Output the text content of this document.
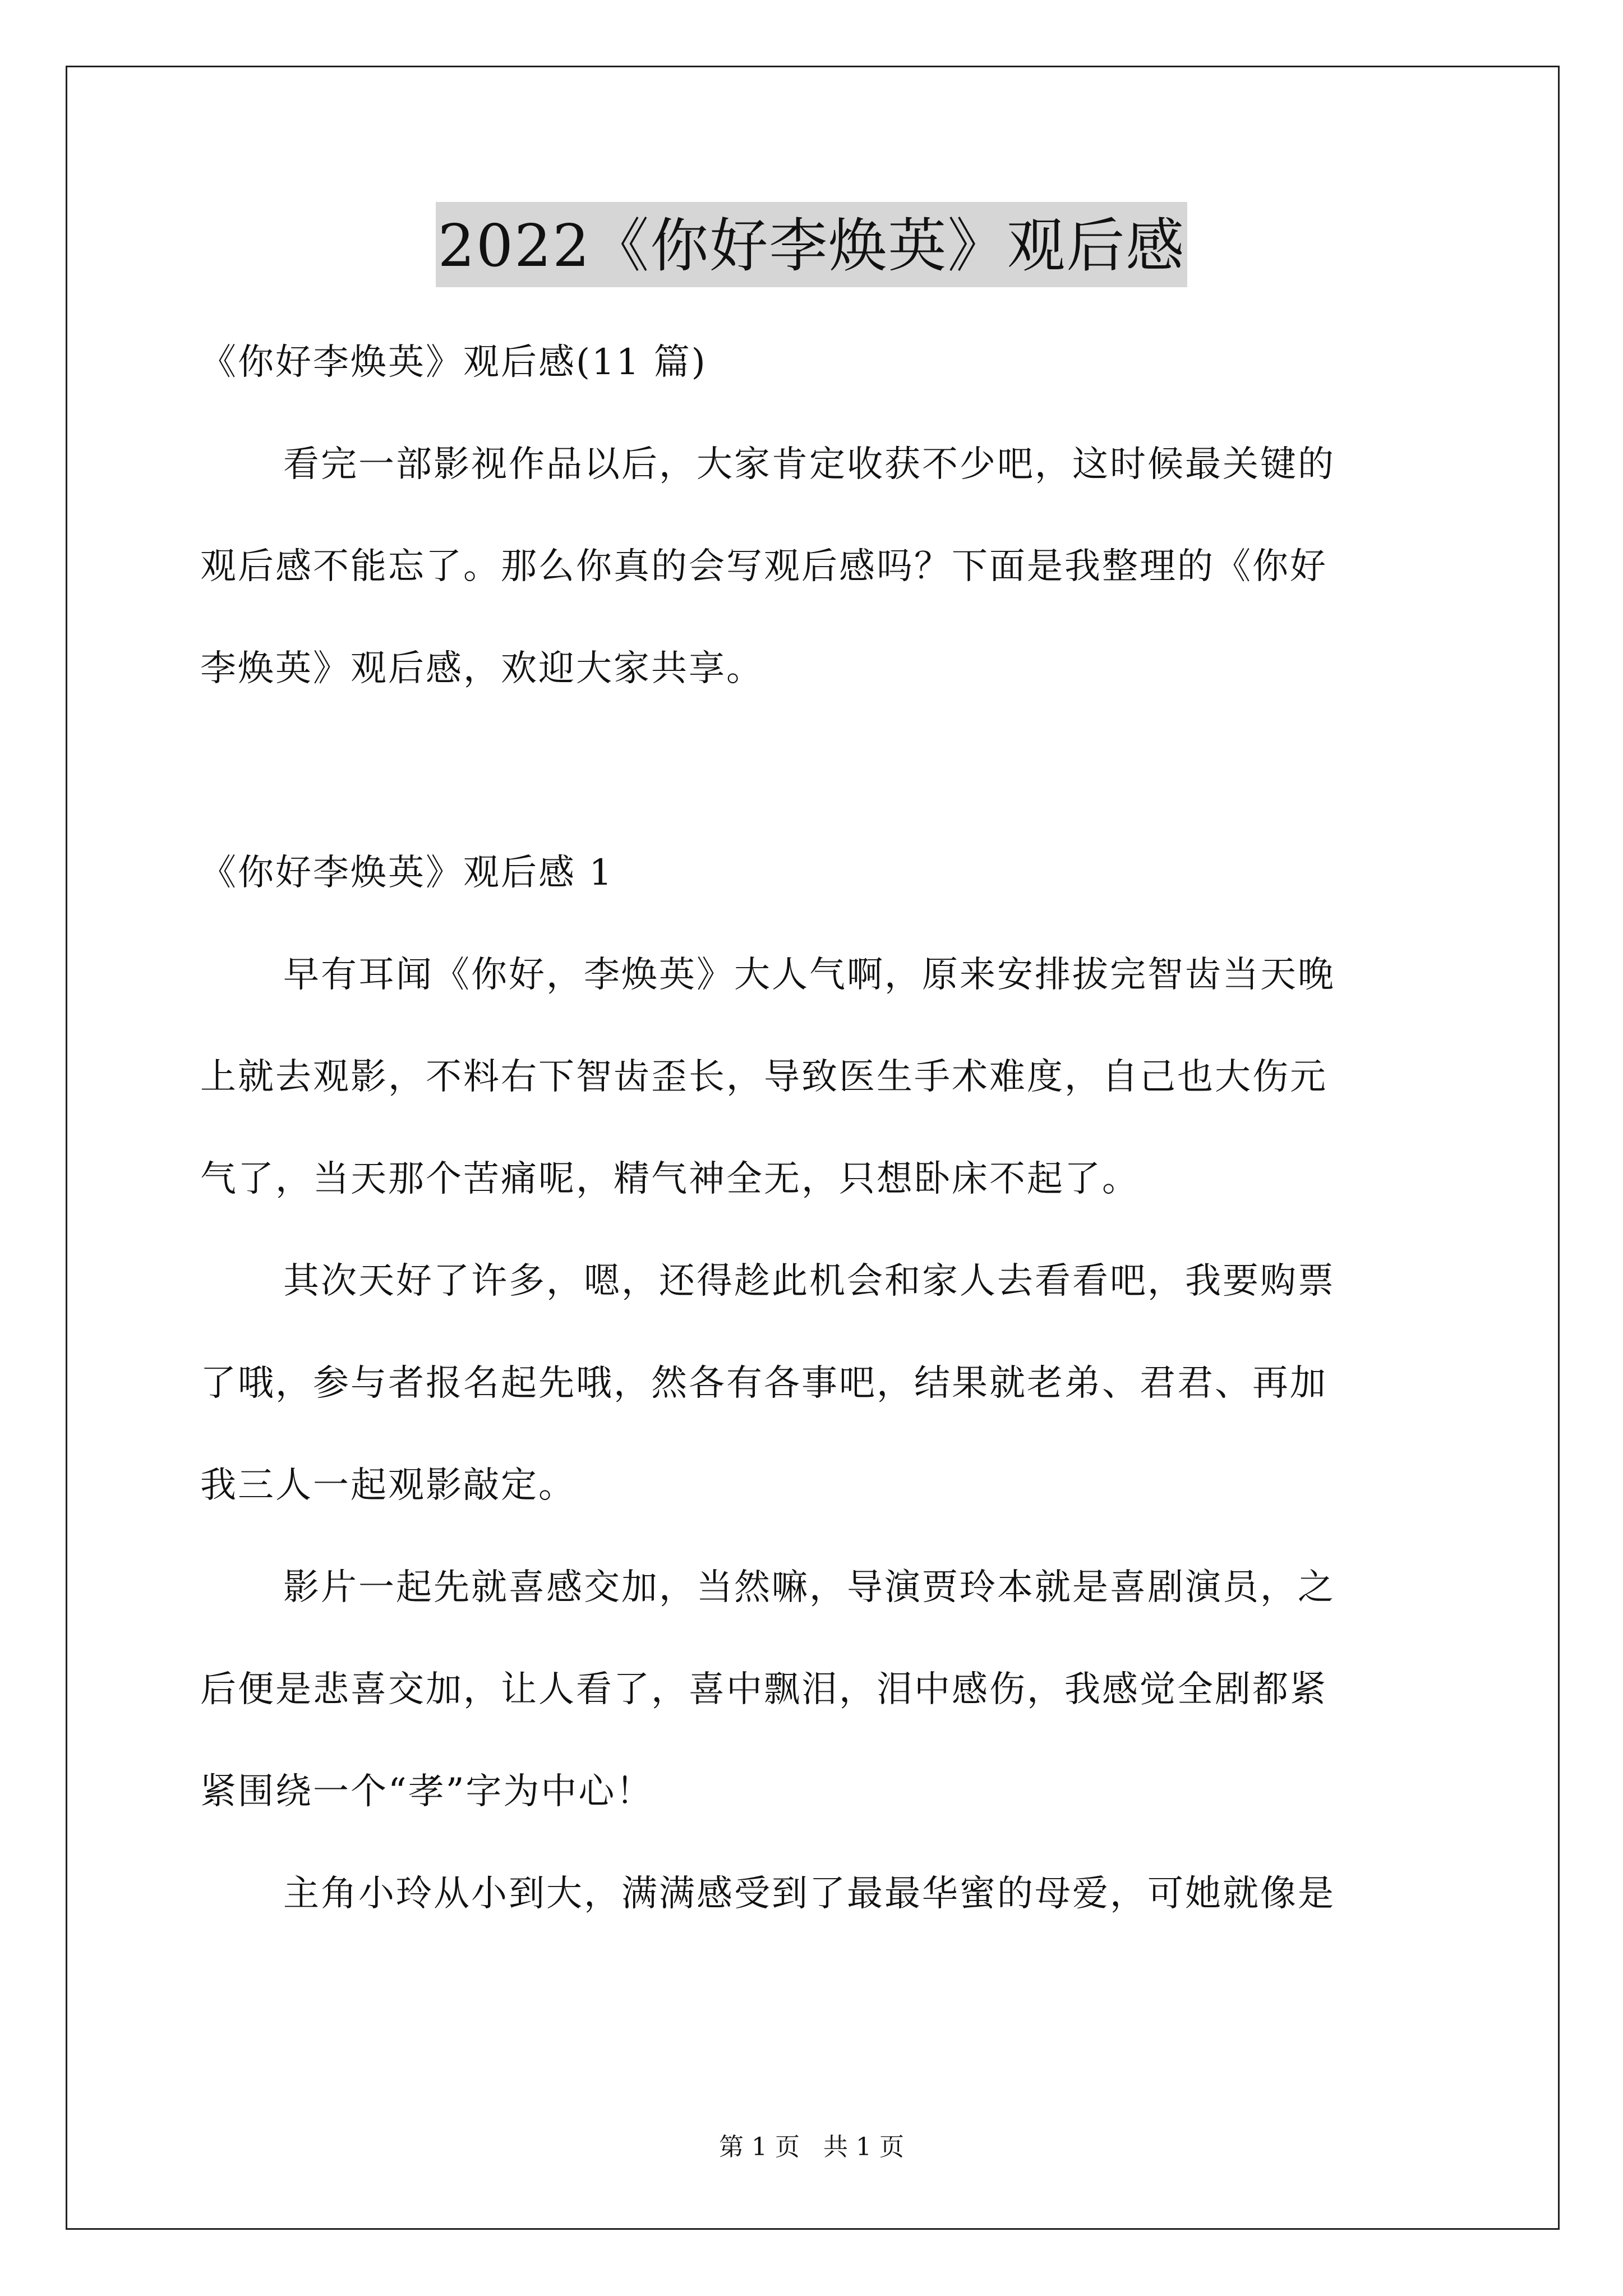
2022《你好李焕英》观后感
《你好李焕英》观后感(11 篇)
看完一部影视作品以后，大家肯定收获不少吧，这时候最关键的
观后感不能忘了。那么你真的会写观后感吗？下面是我整理的《你好
李焕英》观后感，欢迎大家共享。
《你好李焕英》观后感 1
早有耳闻《你好，李焕英》大人气啊，原来安排拔完智齿当天晚
上就去观影，不料右下智齿歪长，导致医生手术难度，自己也大伤元
气了，当天那个苦痛呢，精气神全无，只想卧床不起了。
其次天好了许多，嗯，还得趁此机会和家人去看看吧，我要购票
了哦，参与者报名起先哦，然各有各事吧，结果就老弟、君君、再加
我三人一起观影敲定。
影片一起先就喜感交加，当然嘛，导演贾玲本就是喜剧演员，之
后便是悲喜交加，让人看了，喜中飘泪，泪中感伤，我感觉全剧都紧
紧围绕一个“孝”字为中心！
主角小玲从小到大，满满感受到了最最华蜜的母爱，可她就像是
第 1 页   共 1 页
